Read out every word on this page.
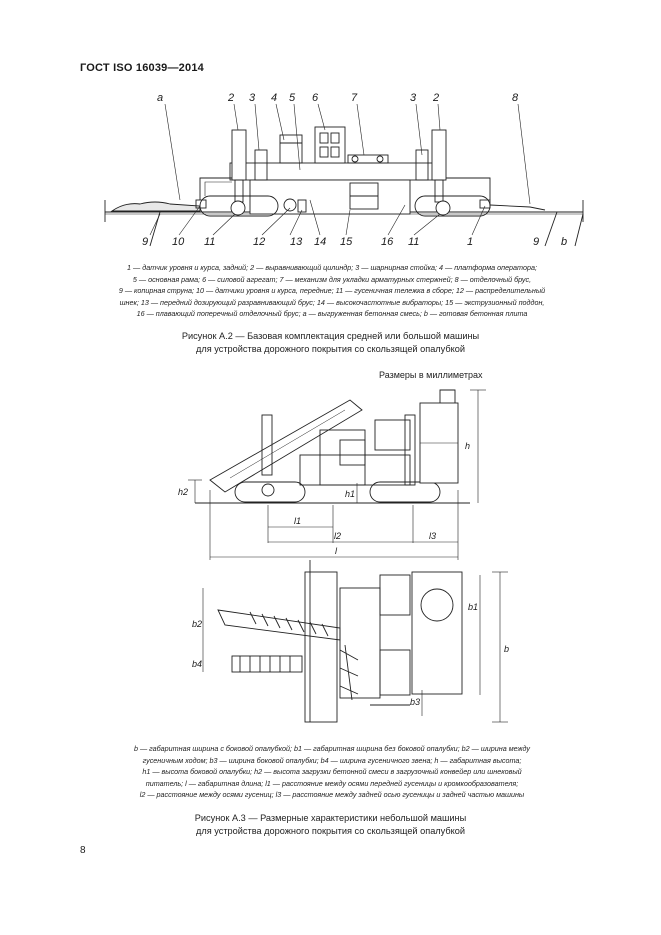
ГОСТ ISO 16039—2014
а	2 3 4 5 6	7	3 2	8
9 10 11	12 13 14 15	16 11	1	9 b
h
h2	h1
l1
l2	l3
l
b
b1
b2
b4
b3

1 — датчик уровня и курса, задний; 2 — выравнивающий цилиндр; 3 — шарнирная стойка; 4 — платформа оператора;

5 — основная рама; 6 — силовой агрегат; 7 — механизм для укладки арматурных стержней; 8 — отделочный брус,

9 — копирная струна; 10 — датчики уровня и курса, передние; 11 — гусеничная тележка в сборе; 12 — распределительный

шнек; 13 — передний дозирующий разравнивающий брус; 14 — высокочастотные вибраторы; 15 — экструзионный поддон,

16 — плавающий поперечный отделочный брус; а — выгруженная бетонная смесь; b — готовая бетонная плита

Рисунок А.2 — Базовая комплектация средней или большой машины
для устройства дорожного покрытия со скользящей опалубкой
Размеры в миллиметрах

b — габаритная ширина с боковой опалубкой; b1 — габаритная ширина без боковой опалубки; b2 — ширина между

гусеничным ходом; b3 — ширина боковой опалубки; b4 — ширина гусеничного звена; h — габаритная высота;

h1 — высота боковой опалубки; h2 — высота загрузки бетонной смеси в загрузочный конвейер или шнековый

питатель; l — габаритная длина; l1 — расстояние между осями передней гусеницы и кромкообразователя;

l2 — расстояние между осями гусениц; l3 — расстояние между задней осью гусеницы и задней частью машины

Рисунок А.3 — Размерные характеристики небольшой машины
для устройства дорожного покрытия со скользящей опалубкой
8
